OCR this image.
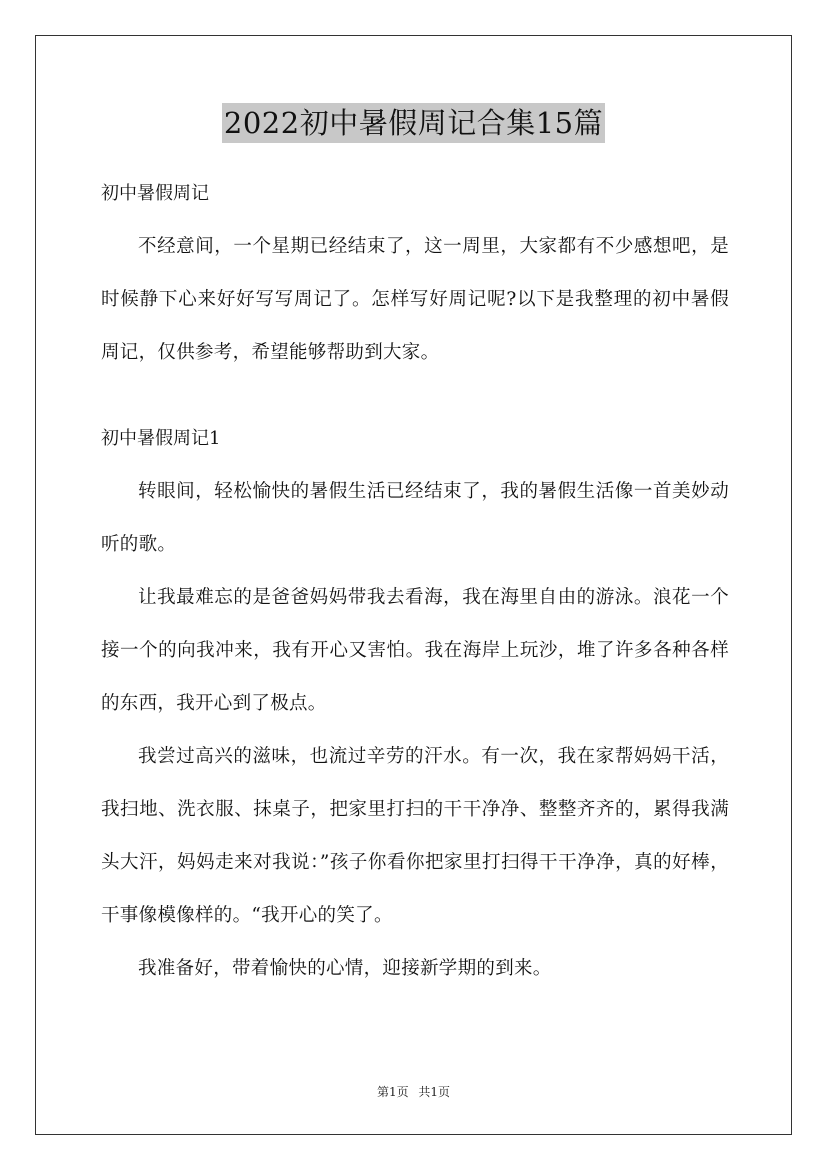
2022初中暑假周记合集15篇

初中暑假周记

不经意间，一个星期已经结束了，这一周里，大家都有不少感想吧，是时候静下心来好好写写周记了。怎样写好周记呢?以下是我整理的初中暑假周记，仅供参考，希望能够帮助到大家。

初中暑假周记1

转眼间，轻松愉快的暑假生活已经结束了，我的暑假生活像一首美妙动听的歌。

让我最难忘的是爸爸妈妈带我去看海，我在海里自由的游泳。浪花一个接一个的向我冲来，我有开心又害怕。我在海岸上玩沙，堆了许多各种各样的东西，我开心到了极点。

我尝过高兴的滋味，也流过辛劳的汗水。有一次，我在家帮妈妈干活，我扫地、洗衣服、抹桌子，把家里打扫的干干净净、整整齐齐的，累得我满头大汗，妈妈走来对我说：”孩子你看你把家里打扫得干干净净，真的好棒，干事像模像样的。“我开心的笑了。

我准备好，带着愉快的心情，迎接新学期的到来。

第1页 共1页
